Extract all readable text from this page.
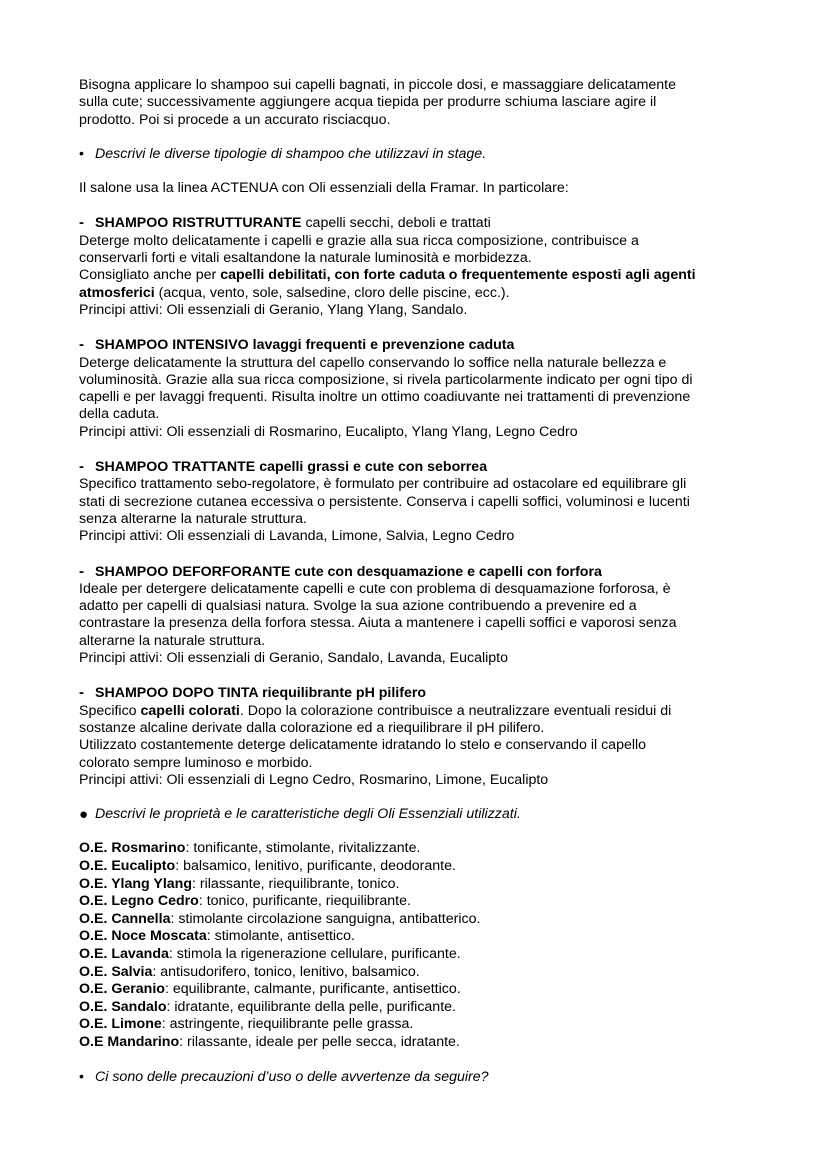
Bisogna applicare lo shampoo sui capelli bagnati, in piccole dosi, e massaggiare delicatamente

sulla cute; successivamente aggiungere acqua tiepida per produrre schiuma lasciare agire il

prodotto. Poi si procede a un accurato risciacquo.

• Descrivi le diverse tipologie di shampoo che utilizzavi in stage.

Il salone usa la linea ACTENUA con Oli essenziali della Framar. In particolare:

- SHAMPOO RISTRUTTURANTE capelli secchi, deboli e trattati

Deterge molto delicatamente i capelli e grazie alla sua ricca composizione, contribuisce a

conservarli forti e vitali esaltandone la naturale luminosità e morbidezza.

Consigliato anche per capelli debilitati, con forte caduta o frequentemente esposti agli agenti

atmosferici (acqua, vento, sole, salsedine, cloro delle piscine, ecc.).

Principi attivi: Oli essenziali di Geranio, Ylang Ylang, Sandalo.

- SHAMPOO INTENSIVO lavaggi frequenti e prevenzione caduta

Deterge delicatamente la struttura del capello conservando lo soffice nella naturale bellezza e

voluminosità. Grazie alla sua ricca composizione, si rivela particolarmente indicato per ogni tipo di

capelli e per lavaggi frequenti. Risulta inoltre un ottimo coadiuvante nei trattamenti di prevenzione

della caduta.

Principi attivi: Oli essenziali di Rosmarino, Eucalipto, Ylang Ylang, Legno Cedro

- SHAMPOO TRATTANTE capelli grassi e cute con seborrea

Specifico trattamento sebo-regolatore, è formulato per contribuire ad ostacolare ed equilibrare gli

stati di secrezione cutanea eccessiva o persistente. Conserva i capelli soffici, voluminosi e lucenti

senza alterarne la naturale struttura.

Principi attivi: Oli essenziali di Lavanda, Limone, Salvia, Legno Cedro

- SHAMPOO DEFORFORANTE cute con desquamazione e capelli con forfora

Ideale per detergere delicatamente capelli e cute con problema di desquamazione forforosa, è

adatto per capelli di qualsiasi natura. Svolge la sua azione contribuendo a prevenire ed a

contrastare la presenza della forfora stessa. Aiuta a mantenere i capelli soffici e vaporosi senza

alterarne la naturale struttura.

Principi attivi: Oli essenziali di Geranio, Sandalo, Lavanda, Eucalipto

- SHAMPOO DOPO TINTA riequilibrante pH pilifero

Specifico capelli colorati. Dopo la colorazione contribuisce a neutralizzare eventuali residui di

sostanze alcaline derivate dalla colorazione ed a riequilibrare il pH pilifero.

Utilizzato costantemente deterge delicatamente idratando lo stelo e conservando il capello

colorato sempre luminoso e morbido.

Principi attivi: Oli essenziali di Legno Cedro, Rosmarino, Limone, Eucalipto

● Descrivi le proprietà e le caratteristiche degli Oli Essenziali utilizzati.

O.E. Rosmarino: tonificante, stimolante, rivitalizzante.

O.E. Eucalipto: balsamico, lenitivo, purificante, deodorante.

O.E. Ylang Ylang: rilassante, riequilibrante, tonico.

O.E. Legno Cedro: tonico, purificante, riequilibrante.

O.E. Cannella: stimolante circolazione sanguigna, antibatterico.

O.E. Noce Moscata: stimolante, antisettico.

O.E. Lavanda: stimola la rigenerazione cellulare, purificante.

O.E. Salvia: antisudorifero, tonico, lenitivo, balsamico.

O.E. Geranio: equilibrante, calmante, purificante, antisettico.

O.E. Sandalo: idratante, equilibrante della pelle, purificante.

O.E. Limone: astringente, riequilibrante pelle grassa.

O.E Mandarino: rilassante, ideale per pelle secca, idratante.

• Ci sono delle precauzioni d’uso o delle avvertenze da seguire?
